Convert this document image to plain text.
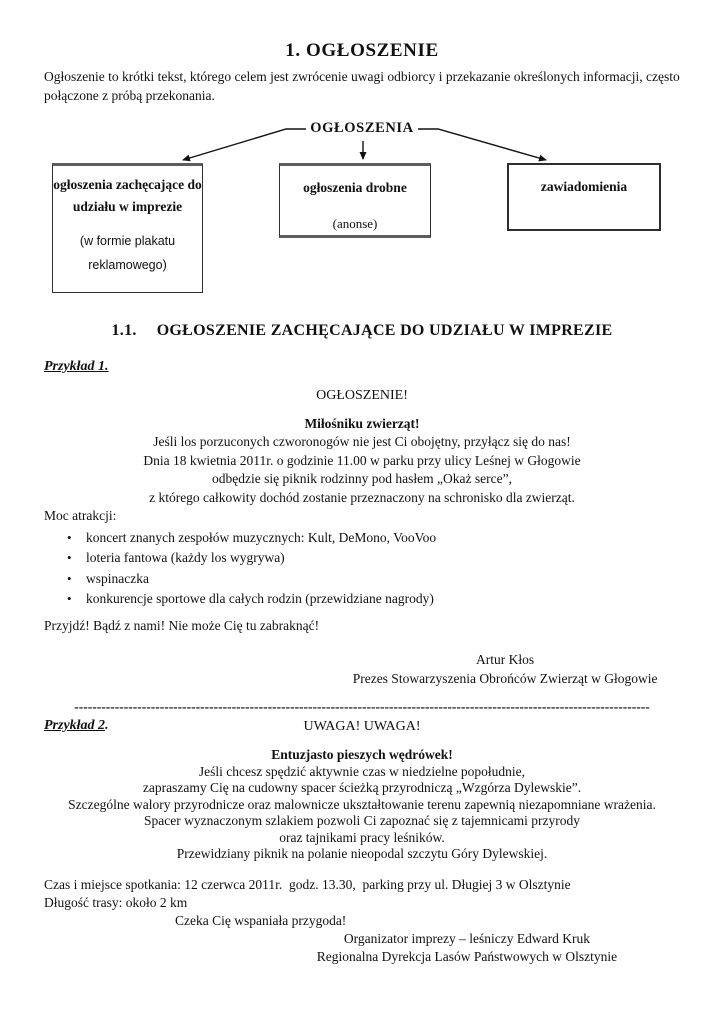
1. OGŁOSZENIE

Ogłoszenie to krótki tekst, którego celem jest zwrócenie uwagi odbiorcy i przekazanie określonych informacji, często połączone z próbą przekonania.

OGŁOSZENIA
ogłoszenia zachęcające do udziału w imprezie
(w formie plakatu reklamowego)
ogłoszenia drobne
(anonse)
zawiadomienia
1.1. OGŁOSZENIE ZACHĘCAJĄCE DO UDZIAŁU W IMPREZIE
Przykład 1.
OGŁOSZENIE!
Miłośniku zwierząt!
Jeśli los porzuconych czworonogów nie jest Ci obojętny, przyłącz się do nas!
Dnia 18 kwietnia 2011r. o godzinie 11.00 w parku przy ulicy Leśnej w Głogowie
odbędzie się piknik rodzinny pod hasłem „Okaż serce”,
z którego całkowity dochód zostanie przeznaczony na schronisko dla zwierząt.
Moc atrakcji:
• koncert znanych zespołów muzycznych: Kult, DeMono, VooVoo
• loteria fantowa (każdy los wygrywa)
• wspinaczka
• konkurencje sportowe dla całych rodzin (przewidziane nagrody)
Przyjdź! Bądź z nami! Nie może Cię tu zabraknąć!
Artur Kłos
Prezes Stowarzyszenia Obrońców Zwierząt w Głogowie
--------------------------------------------------------------------------------------------------------------------------------
Przykład 2.	UWAGA! UWAGA!
Entuzjasto pieszych wędrówek!
Jeśli chcesz spędzić aktywnie czas w niedzielne popołudnie,
zapraszamy Cię na cudowny spacer ścieżką przyrodniczą „Wzgórza Dylewskie”.
Szczególne walory przyrodnicze oraz malownicze ukształtowanie terenu zapewnią niezapomniane wrażenia.
Spacer wyznaczonym szlakiem pozwoli Ci zapoznać się z tajemnicami przyrody
oraz tajnikami pracy leśników.
Przewidziany piknik na polanie nieopodal szczytu Góry Dylewskiej.
Czas i miejsce spotkania: 12 czerwca 2011r.  godz. 13.30,  parking przy ul. Długiej 3 w Olsztynie
Długość trasy: około 2 km
Czeka Cię wspaniała przygoda!
Organizator imprezy – leśniczy Edward Kruk
Regionalna Dyrekcja Lasów Państwowych w Olsztynie
